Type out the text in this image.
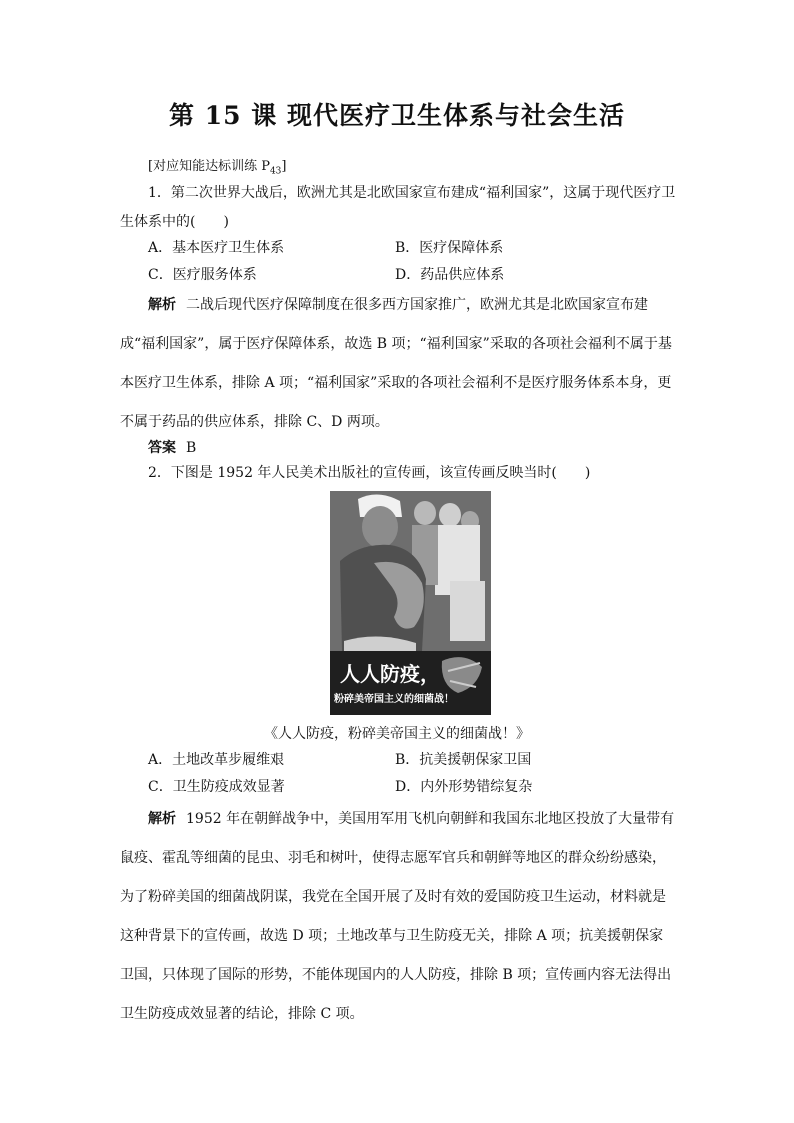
第 15 课 现代医疗卫生体系与社会生活
[对应知能达标训练 $P_{43}$]

1．第二次世界大战后，欧洲尤其是北欧国家宣布建成“福利国家”，这属于现代医疗卫生体系中的(　　)

A．基本医疗卫生体系	B．医疗保障体系
C．医疗服务体系	D．药品供应体系

解析 二战后现代医疗保障制度在很多西方国家推广，欧洲尤其是北欧国家宣布建成“福利国家”，属于医疗保障体系，故选 B 项；“福利国家”采取的各项社会福利不属于基本医疗卫生体系，排除 A 项；“福利国家”采取的各项社会福利不是医疗服务体系本身，更不属于药品的供应体系，排除 C、D 两项。

答案 B

2．下图是 1952 年人民美术出版社的宣传画，该宣传画反映当时(　　)

人人防疫，
粉碎美帝国主义的细菌战！
《人人防疫，粉碎美帝国主义的细菌战！》
A．土地改革步履维艰	B．抗美援朝保家卫国
C．卫生防疫成效显著	D．内外形势错综复杂

解析 1952 年在朝鲜战争中，美国用军用飞机向朝鲜和我国东北地区投放了大量带有鼠疫、霍乱等细菌的昆虫、羽毛和树叶，使得志愿军官兵和朝鲜等地区的群众纷纷感染，为了粉碎美国的细菌战阴谋，我党在全国开展了及时有效的爱国防疫卫生运动，材料就是这种背景下的宣传画，故选 D 项；土地改革与卫生防疫无关，排除 A 项；抗美援朝保家卫国，只体现了国际的形势，不能体现国内的人人防疫，排除 B 项；宣传画内容无法得出卫生防疫成效显著的结论，排除 C 项。
